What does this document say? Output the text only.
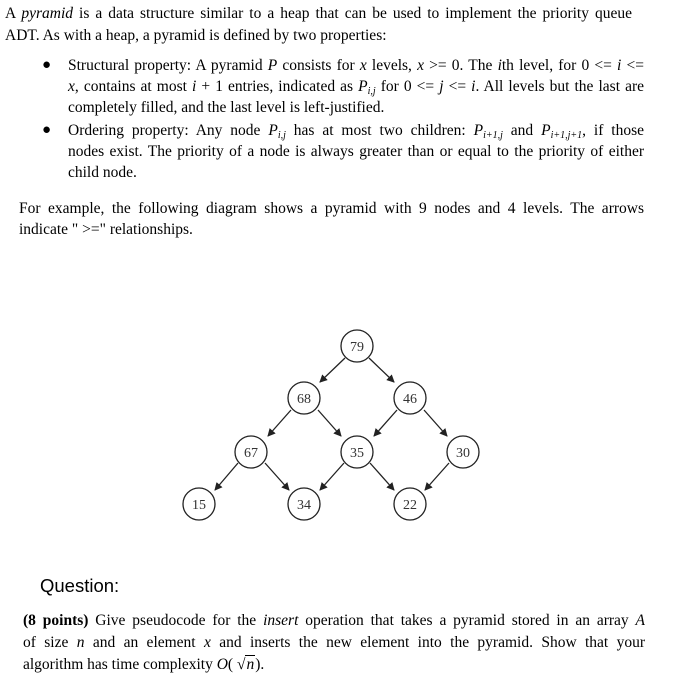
A pyramid is a data structure similar to a heap that can be used to implement the priority queue
ADT. As with a heap, a pyramid is defined by two properties:
● Structural property: A pyramid P consists for x levels, x >= 0. The ith level, for 0 <= i <=
x, contains at most i + 1 entries, indicated as $P_{i,j}$ for 0 <= j <= i. All levels but the last are
completely filled, and the last level is left-justified.
● Ordering property: Any node $P_{i,j}$ has at most two children: $P_{i+1,j}$ and $P_{i+1,j+1}$, if those
nodes exist. The priority of a node is always greater than or equal to the priority of either
child node.
For example, the following diagram shows a pyramid with 9 nodes and 4 levels. The arrows
indicate " >=" relationships.
79
68	46
67	35	30
15	34	22
Question:
(8 points) Give pseudocode for the insert operation that takes a pyramid stored in an array A
of size n and an element x and inserts the new element into the pyramid. Show that your
algorithm has time complexity O( √n).
